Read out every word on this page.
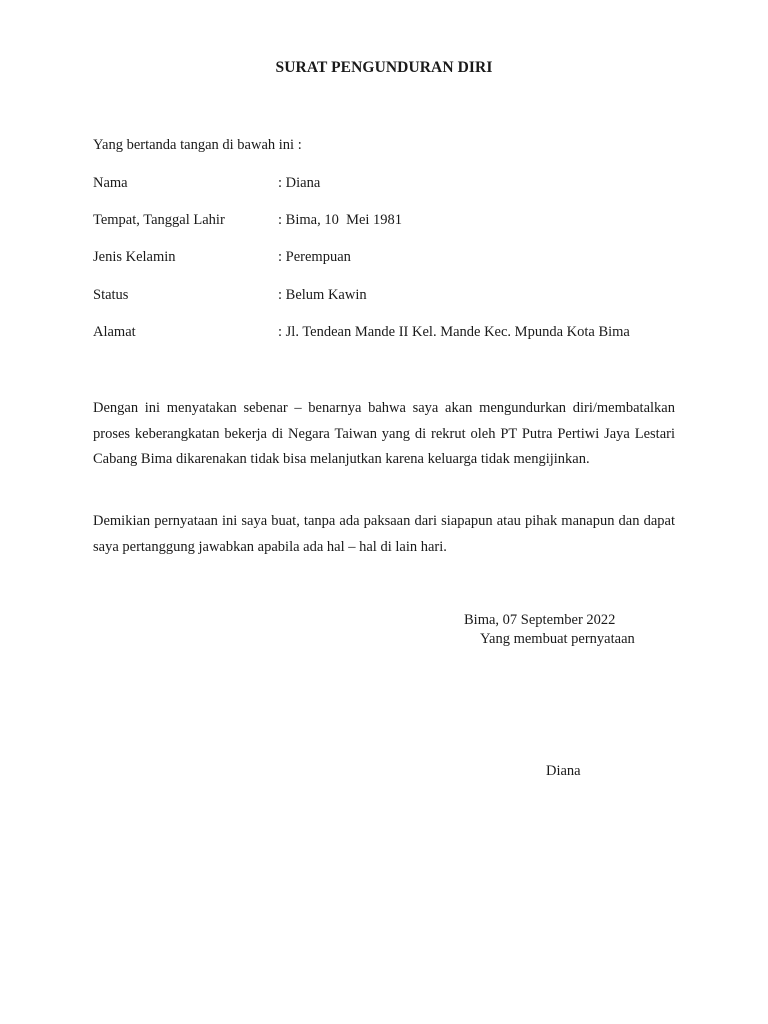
SURAT PENGUNDURAN DIRI
Yang bertanda tangan di bawah ini :
Nama	: Diana
Tempat, Tanggal Lahir	: Bima, 10  Mei 1981
Jenis Kelamin	: Perempuan
Status	: Belum Kawin
Alamat	: Jl. Tendean Mande II Kel. Mande Kec. Mpunda Kota Bima

Dengan ini menyatakan sebenar – benarnya bahwa saya akan mengundurkan diri/membatalkan proses keberangkatan bekerja di Negara Taiwan yang di rekrut oleh PT Putra Pertiwi Jaya Lestari Cabang Bima dikarenakan tidak bisa melanjutkan karena keluarga tidak mengijinkan.

Demikian pernyataan ini saya buat, tanpa ada paksaan dari siapapun atau pihak manapun dan dapat saya pertanggung jawabkan apabila ada hal – hal di lain hari.

Bima, 07 September 2022
Yang membuat pernyataan
Diana
